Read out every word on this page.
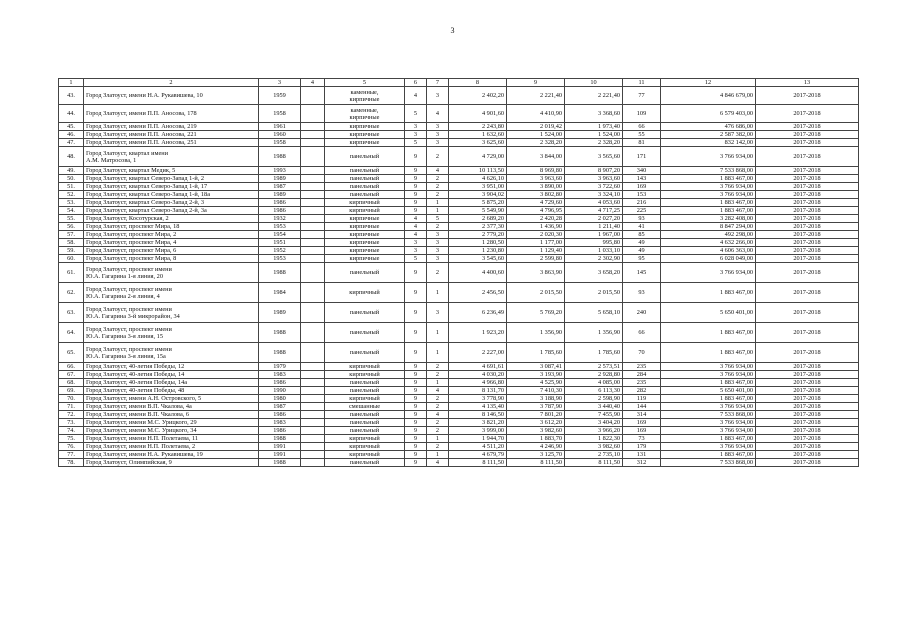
3
1	2	3	4	5	6	7	8	9	10	11	12	13
43.	Город Златоуст, имени Н.А. Рукавишева, 10	1959		каменные,
кирпичные	4	3	2 402,20	2 221,40	2 221,40	77	4 846 679,00	2017-2018
44.	Город Златоуст, имени П.П. Аносова, 178	1958		каменные,
кирпичные	5	4	4 901,60	4 410,90	3 368,60	109	6 579 403,00	2017-2018
45.	Город Златоуст, имени П.П. Аносова, 219	1961		кирпичные	3	3	2 243,80	2 019,42	1 973,40	66	476 686,00	2017-2018
46.	Город Златоуст, имени П.П. Аносова, 221	1960		кирпичные	3	3	1 632,60	1 524,00	1 524,00	55	2 587 382,00	2017-2018
47.	Город Златоуст, имени П.П. Аносова, 251	1958		кирпичные	5	3	3 625,60	2 328,20	2 328,20	81	832 142,00	2017-2018
48.	Город Златоуст, квартал имени
А.М. Матросова, 1	1988		панельный	9	2	4 729,00	3 844,00	3 565,60	171	3 766 934,00	2017-2018
49.	Город Златоуст, квартал Медик, 5	1993		панельный	9	4	10 113,50	8 969,80	8 907,20	340	7 533 868,00	2017-2018
50.	Город Златоуст, квартал Северо-Запад 1-й, 2	1989		панельный	9	2	4 626,10	3 963,60	3 963,60	143	1 883 467,00	2017-2018
51.	Город Златоуст, квартал Северо-Запад 1-й, 17	1987		панельный	9	2	3 951,00	3 890,00	3 722,60	169	3 766 934,00	2017-2018
52.	Город Златоуст, квартал Северо-Запад 1-й, 18а	1989		панельный	9	2	3 904,02	3 802,80	3 324,10	153	3 766 934,00	2017-2018
53.	Город Златоуст, квартал Северо-Запад 2-й, 3	1986		кирпичный	9	1	5 875,20	4 729,60	4 053,60	216	1 883 467,00	2017-2018
54.	Город Златоуст, квартал Северо-Запад 2-й, 3а	1986		кирпичный	9	1	5 549,90	4 796,95	4 717,25	225	1 883 467,00	2017-2018
55.	Город Златоуст, Косотурская, 2	1932		кирпичные	4	5	2 689,20	2 420,28	2 027,20	93	3 282 408,00	2017-2018
56.	Город Златоуст, проспект Мира, 18	1953		кирпичные	4	2	2 377,30	1 436,90	1 211,40	41	8 847 294,00	2017-2018
57.	Город Златоуст, проспект Мира, 2	1954		кирпичные	4	3	2 779,20	2 020,30	1 967,00	85	492 298,00	2017-2018
58.	Город Златоуст, проспект Мира, 4	1951		кирпичные	3	3	1 280,50	1 177,00	995,80	49	4 632 266,00	2017-2018
59.	Город Златоуст, проспект Мира, 6	1952		кирпичные	3	3	1 230,80	1 129,40	1 033,10	49	4 606 363,00	2017-2018
60.	Город Златоуст, проспект Мира, 8	1953		кирпичные	5	3	3 545,60	2 599,80	2 302,90	95	6 028 049,00	2017-2018
61.	Город Златоуст, проспект имени
Ю.А. Гагарина 1-я линия, 20	1988		панельный	9	2	4 400,60	3 863,90	3 658,20	145	3 766 934,00	2017-2018
62.	Город Златоуст, проспект имени
Ю.А. Гагарина 2-я линия, 4	1984		кирпичный	9	1	2 456,50	2 015,50	2 015,50	93	1 883 467,00	2017-2018
63.	Город Златоуст, проспект имени
Ю.А. Гагарина 3-й микрорайон, 34	1989		панельный	9	3	6 236,49	5 769,20	5 658,10	240	5 650 401,00	2017-2018
64.	Город Златоуст, проспект имени
Ю.А. Гагарина 3-я линия, 15	1988		панельный	9	1	1 923,20	1 356,90	1 356,90	66	1 883 467,00	2017-2018
65.	Город Златоуст, проспект имени
Ю.А. Гагарина 3-я линия, 15а	1988		панельный	9	1	2 227,00	1 785,60	1 785,60	70	1 883 467,00	2017-2018
66.	Город Златоуст, 40-летия Победы, 12	1979		кирпичный	9	2	4 691,61	3 087,41	2 573,51	235	3 766 934,00	2017-2018
67.	Город Златоуст, 40-летия Победы, 14	1983		кирпичный	9	2	4 030,20	3 193,90	2 928,80	284	3 766 934,00	2017-2018
68.	Город Златоуст, 40-летия Победы, 14а	1986		панельный	9	1	4 966,80	4 525,90	4 085,00	235	1 883 467,00	2017-2018
69.	Город Златоуст, 40-летия Победы, 48	1990		панельный	9	4	8 131,70	7 410,30	6 113,30	282	5 650 401,00	2017-2018
70.	Город Златоуст, имени А.Н. Островского, 5	1980		кирпичный	9	2	3 778,90	3 188,90	2 598,90	119	1 883 467,00	2017-2018
71.	Город Златоуст, имени В.П. Чкалова, 4а	1987		смешанные	9	2	4 135,40	3 787,90	3 440,40	144	3 766 934,00	2017-2018
72.	Город Златоуст, имени В.П. Чкалова, 6	1986		панельный	9	4	8 146,50	7 801,20	7 455,90	314	7 533 868,00	2017-2018
73.	Город Златоуст, имени М.С. Урицкого, 29	1983		панельный	9	2	3 821,20	3 612,20	3 404,20	169	3 766 934,00	2017-2018
74.	Город Златоуст, имени М.С. Урицкого, 34	1986		панельный	9	2	3 999,00	3 982,60	3 966,20	169	3 766 934,00	2017-2018
75.	Город Златоуст, имени Н.П. Полетаева, 11	1988		кирпичный	9	1	1 944,70	1 883,70	1 822,30	73	1 883 467,00	2017-2018
76.	Город Златоуст, имени Н.П. Полетаева, 2	1991		кирпичный	9	2	4 511,20	4 246,90	3 982,60	179	3 766 934,00	2017-2018
77.	Город Златоуст, имени Н.А. Рукавишева, 19	1991		кирпичный	9	1	4 679,79	3 125,70	2 735,10	131	1 883 467,00	2017-2018
78.	Город Златоуст, Олимпийская, 9	1988		панельный	9	4	8 111,50	8 111,50	8 111,50	312	7 533 868,00	2017-2018
